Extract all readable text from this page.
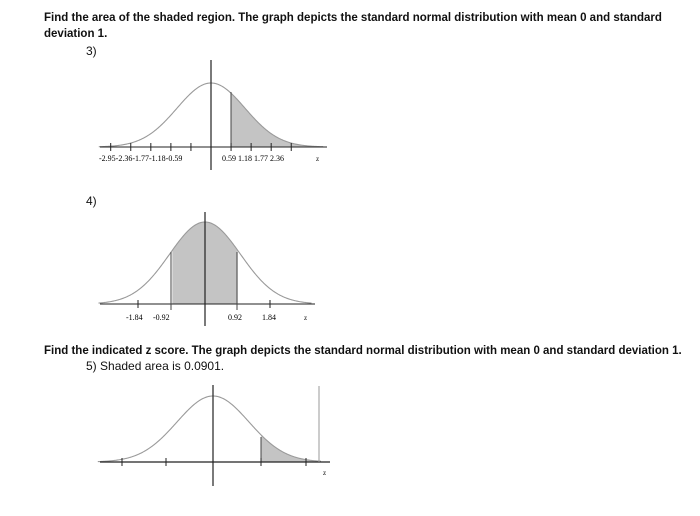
Find the area of the shaded region. The graph depicts the standard normal distribution with mean 0 and standard deviation 1.

3)

4)

Find the indicated z score. The graph depicts the standard normal distribution with mean 0 and standard deviation 1.

5) Shaded area is 0.0901.

-2.95-2.36-1.77-1.18-0.59	0.59 1.18 1.77 2.36	z
-1.84 -0.92	0.92	1.84	z
z
